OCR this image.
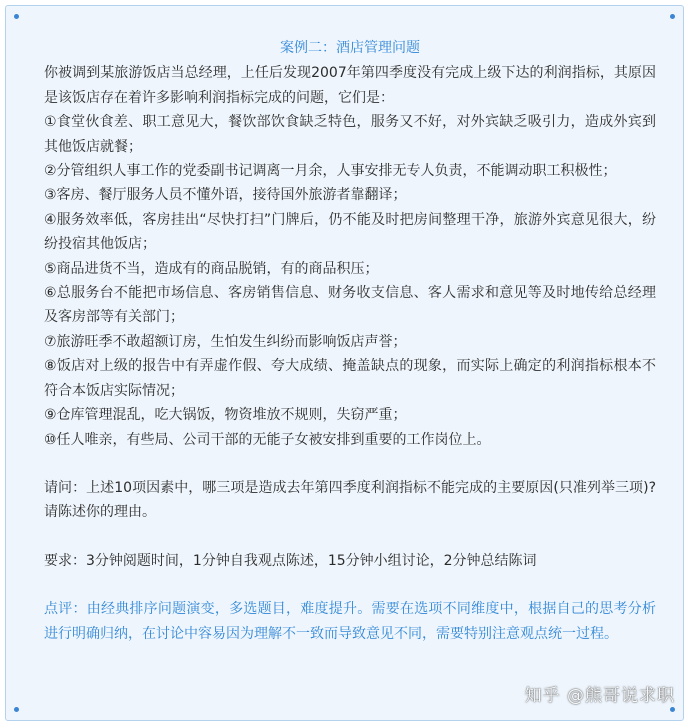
案例二：酒店管理问题

你被调到某旅游饭店当总经理，上任后发现2007年第四季度没有完成上级下达的利润指标，其原因是该饭店存在着许多影响利润指标完成的问题，它们是：

①食堂伙食差、职工意见大，餐饮部饮食缺乏特色，服务又不好，对外宾缺乏吸引力，造成外宾到其他饭店就餐；

②分管组织人事工作的党委副书记调离一月余，人事安排无专人负责，不能调动职工积极性；

③客房、餐厅服务人员不懂外语，接待国外旅游者靠翻译；

④服务效率低，客房挂出“尽快打扫”门牌后，仍不能及时把房间整理干净，旅游外宾意见很大，纷纷投宿其他饭店；

⑤商品进货不当，造成有的商品脱销，有的商品积压；

⑥总服务台不能把市场信息、客房销售信息、财务收支信息、客人需求和意见等及时地传给总经理及客房部等有关部门；

⑦旅游旺季不敢超额订房，生怕发生纠纷而影响饭店声誉；

⑧饭店对上级的报告中有弄虚作假、夸大成绩、掩盖缺点的现象，而实际上确定的利润指标根本不符合本饭店实际情况；

⑨仓库管理混乱，吃大锅饭，物资堆放不规则，失窃严重；

⑩任人唯亲，有些局、公司干部的无能子女被安排到重要的工作岗位上。

请问：上述10项因素中，哪三项是造成去年第四季度利润指标不能完成的主要原因(只准列举三项)?请陈述你的理由。

要求：3分钟阅题时间，1分钟自我观点陈述，15分钟小组讨论，2分钟总结陈词

点评：由经典排序问题演变，多选题目，难度提升。需要在选项不同维度中，根据自己的思考分析进行明确归纳，在讨论中容易因为理解不一致而导致意见不同，需要特别注意观点统一过程。

知乎 @熊哥说求职
